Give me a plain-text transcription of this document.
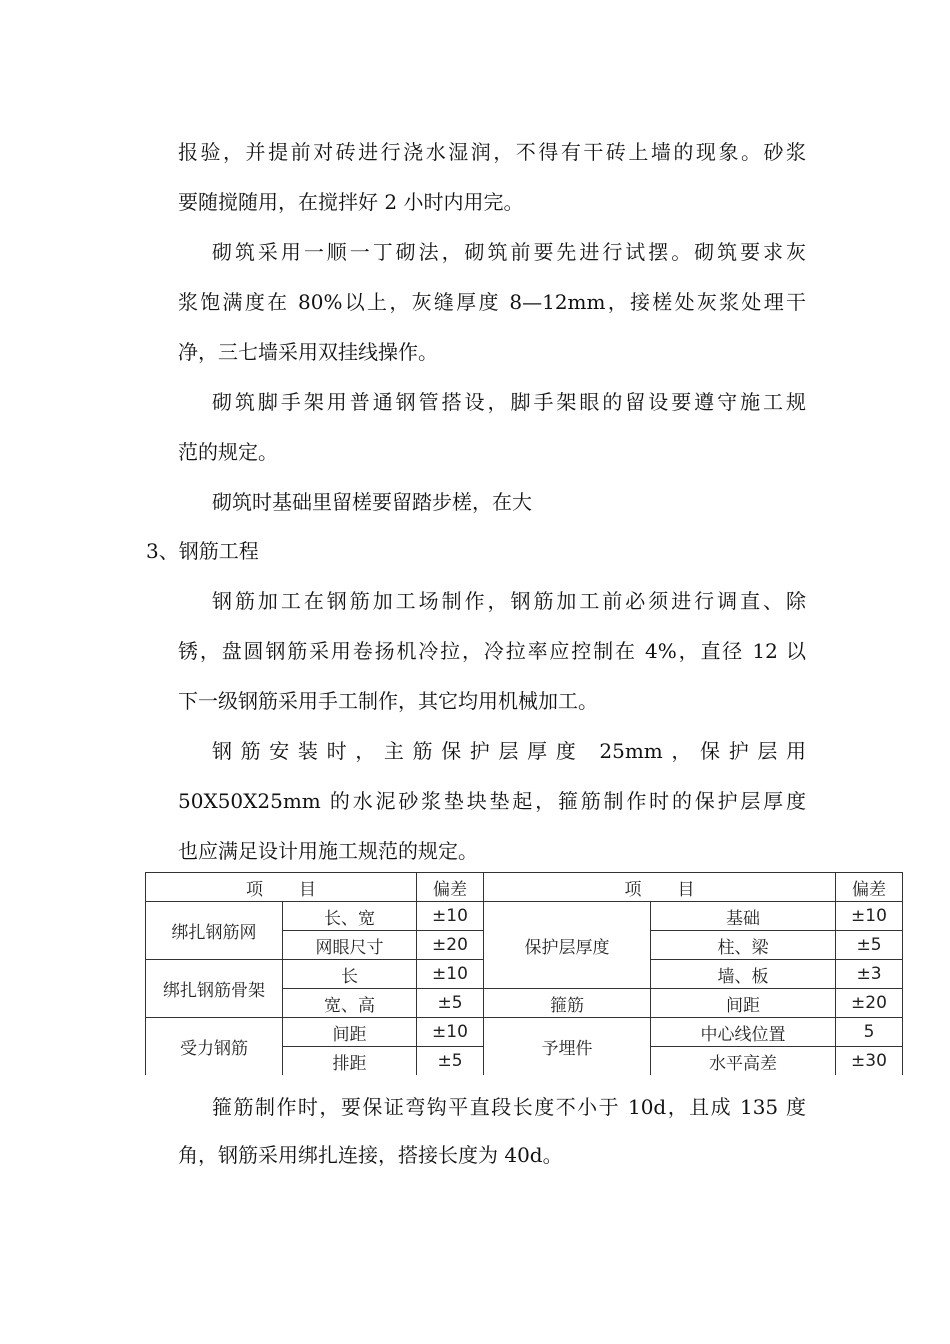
报验，并提前对砖进行浇水湿润，不得有干砖上墙的现象。砂浆
要随搅随用，在搅拌好 2 小时内用完。
砌筑采用一顺一丁砌法，砌筑前要先进行试摆。砌筑要求灰
浆饱满度在 80%以上，灰缝厚度 8—12mm，接槎处灰浆处理干
净，三七墙采用双挂线操作。
砌筑脚手架用普通钢管搭设，脚手架眼的留设要遵守施工规
范的规定。
砌筑时基础里留槎要留踏步槎，在大
3、钢筋工程
钢筋加工在钢筋加工场制作，钢筋加工前必须进行调直、除
锈，盘圆钢筋采用卷扬机冷拉，冷拉率应控制在 4%，直径 12 以
下一级钢筋采用手工制作，其它均用机械加工。
钢筋安装时，主筋保护层厚度 25mm，保护层用
50X50X25mm 的水泥砂浆垫块垫起，箍筋制作时的保护层厚度
也应满足设计用施工规范的规定。
项 目		偏差	项 目		偏差
绑扎钢筋网	长、宽	±10	保护层厚度	基础	±10
	网眼尺寸	±20		柱、梁	±5
绑扎钢筋骨架	长	±10		墙、板	±3
	宽、高	±5	箍筋	间距	±20
受力钢筋	间距	±10	予埋件	中心线位置	5
	排距	±5		水平高差	±30
箍筋制作时，要保证弯钩平直段长度不小于 10d，且成 135 度
角，钢筋采用绑扎连接，搭接长度为 40d。
